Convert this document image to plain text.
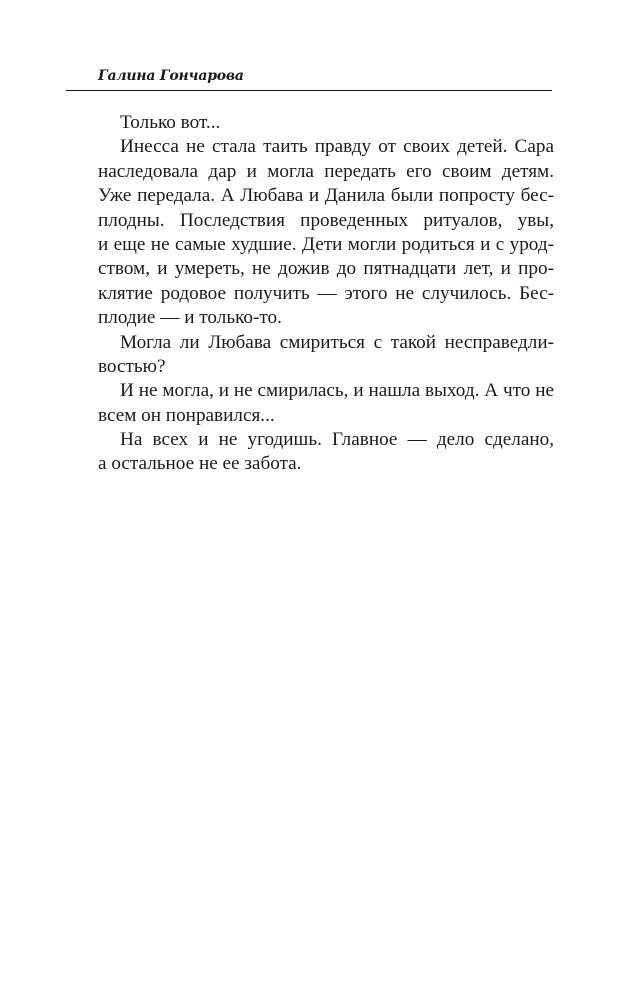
Галина Гончарова
Только вот...
Инесса не стала таить правду от своих детей. Сара
наследовала дар и могла передать его своим детям.
Уже передала. А Любава и Данила были попросту бес-
плодны. Последствия проведенных ритуалов, увы,
и еще не самые худшие. Дети могли родиться и с урод-
ством, и умереть, не дожив до пятнадцати лет, и про-
клятие родовое получить — этого не случилось. Бес-
плодие — и только-то.
Могла ли Любава смириться с такой несправедли-
востью?
И не могла, и не смирилась, и нашла выход. А что не
всем он понравился...
На всех и не угодишь. Главное — дело сделано,
а остальное не ее забота.
